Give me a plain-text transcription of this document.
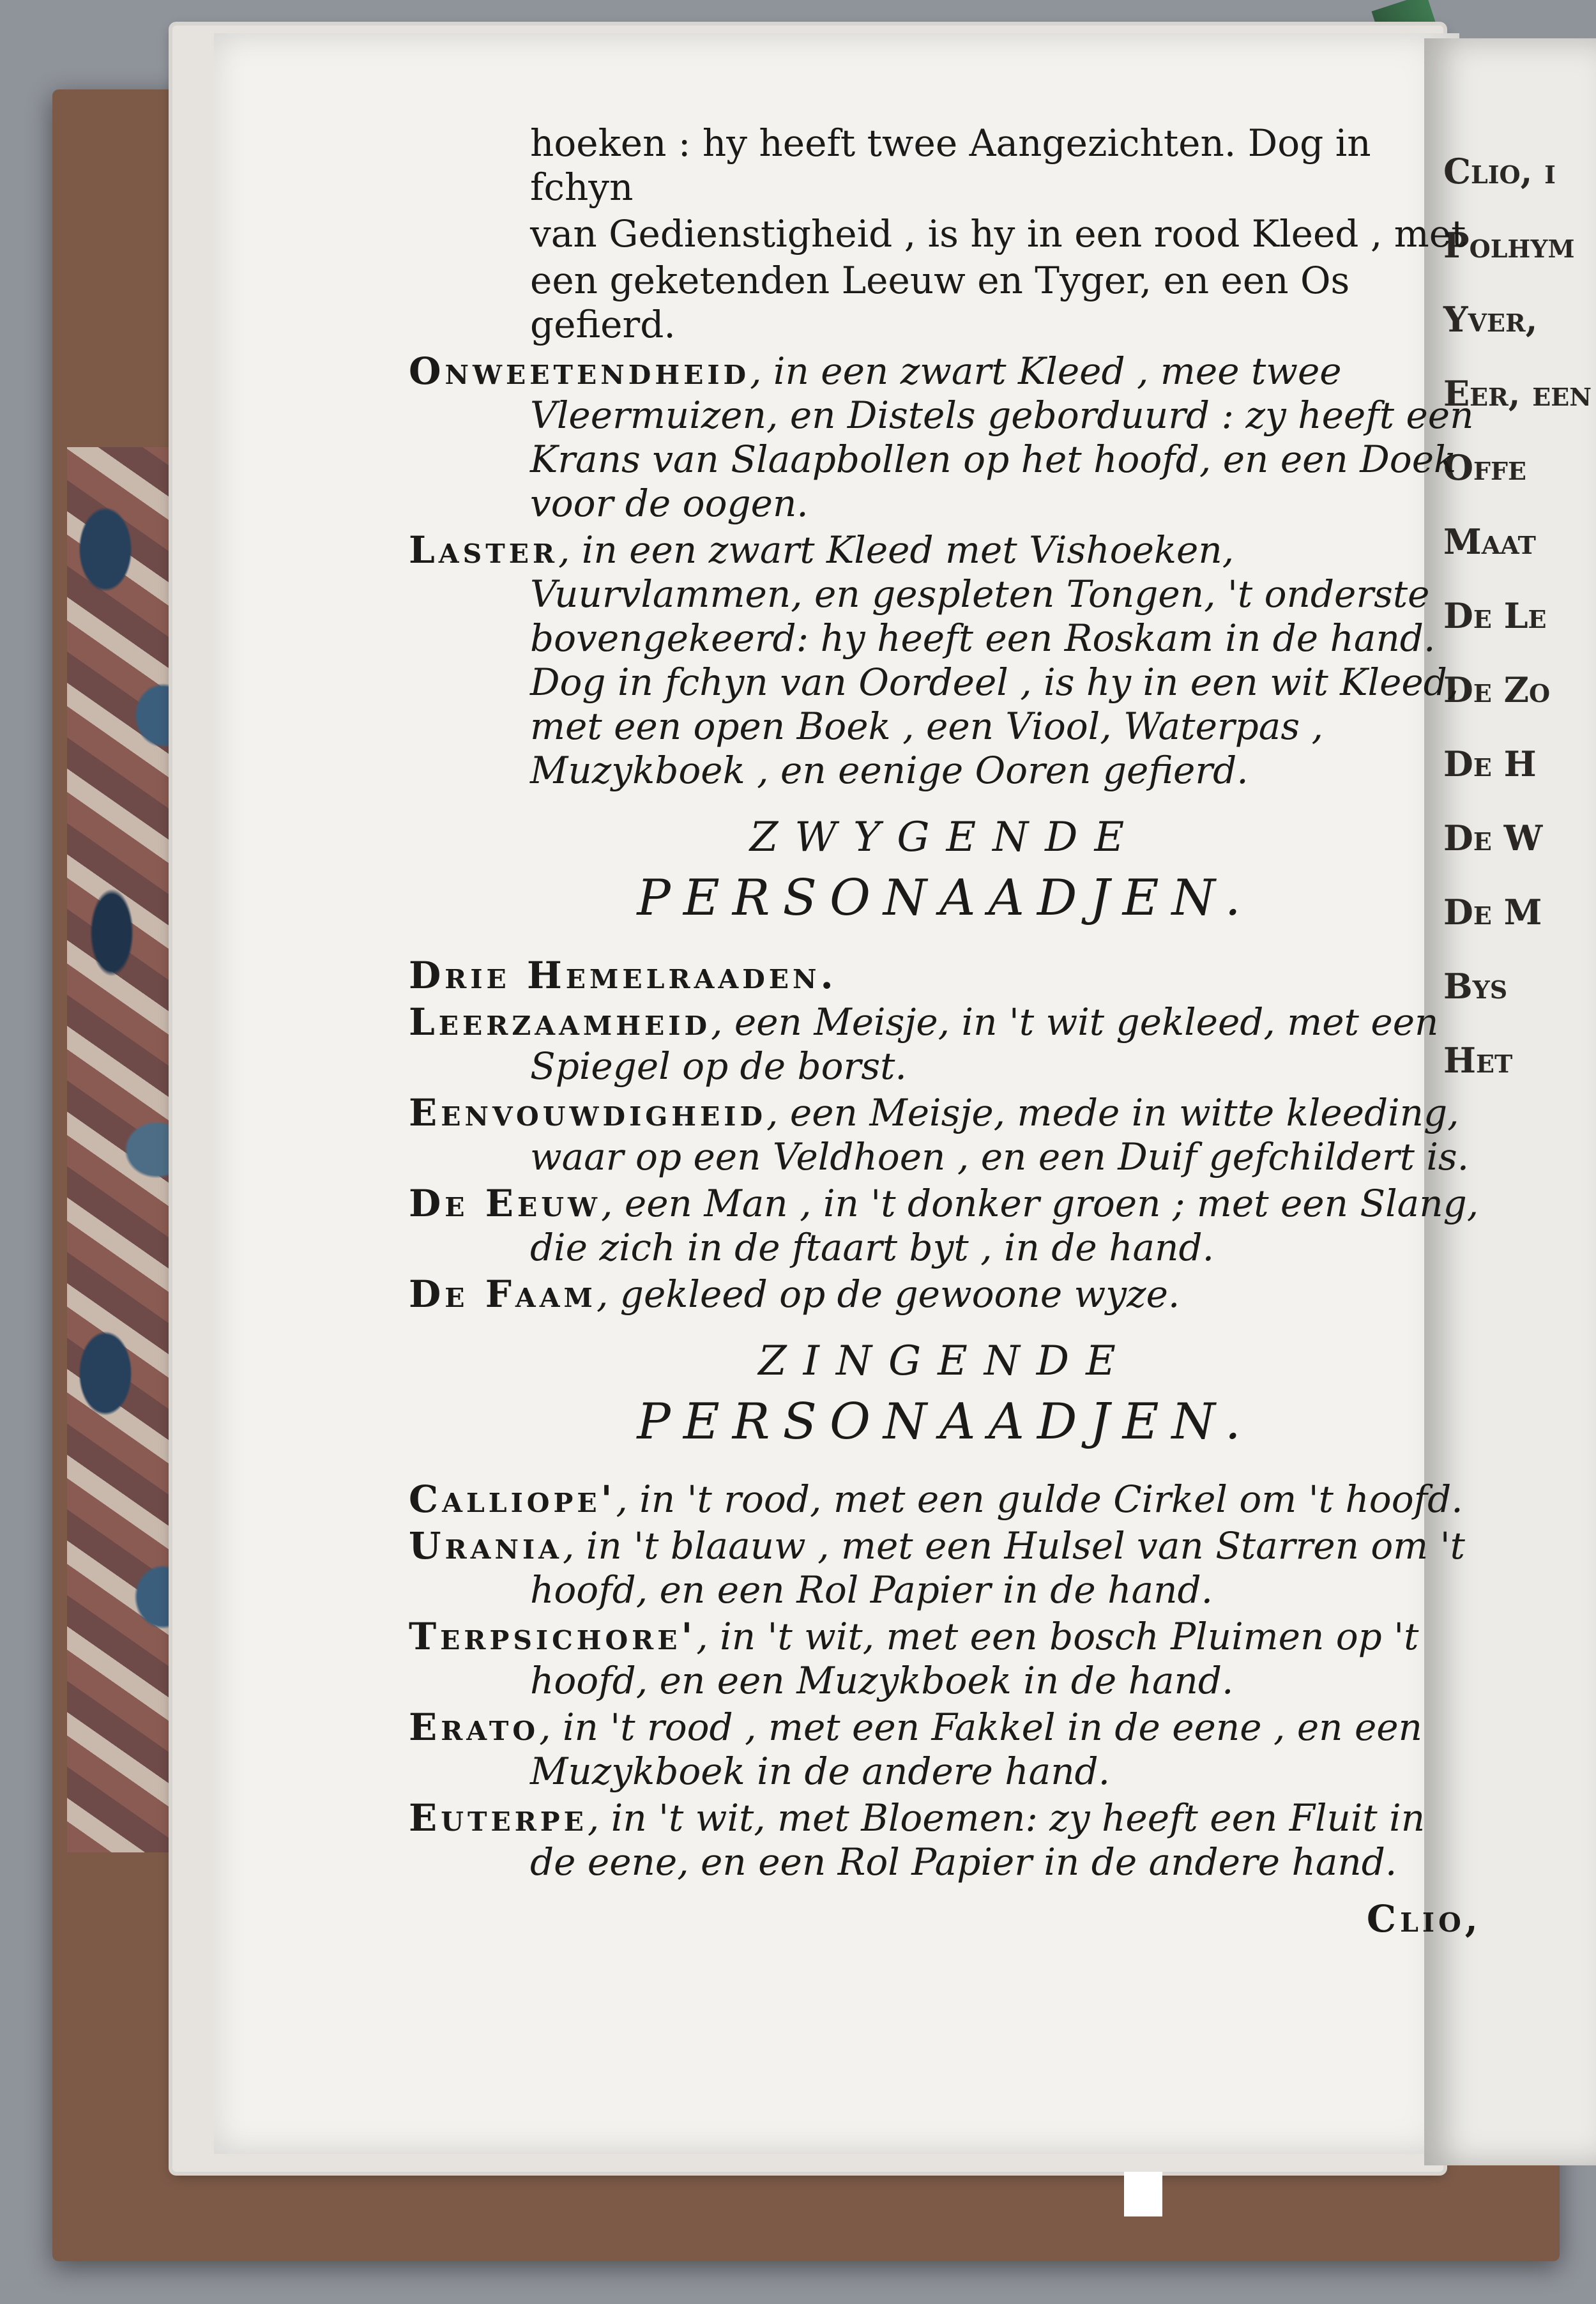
Clio, i
Polhym
Yver,
Eer, een
Offe
Maat
De Le
De Zo
De H
De W
De M
Bys
Het
hoeken : hy heeft twee Aangezichten. Dog in fchyn
van Gedienstigheid , is hy in een rood Kleed , met
een geketenden Leeuw en Tyger, en een Os gefierd.
Onweetendheid, in een zwart Kleed , mee twee Vleermuizen, en Distels geborduurd : zy heeft een Krans van Slaapbollen op het hoofd, en een Doek voor de oogen.
Laster, in een zwart Kleed met Vishoeken, Vuurvlammen, en gespleten Tongen, 't onderste bovengekeerd: hy heeft een Roskam in de hand. Dog in fchyn van Oordeel , is hy in een wit Kleed, met een open Boek , een Viool, Waterpas , Muzykboek , en eenige Ooren gefierd.
ZWYGENDE
PERSONAADJEN.
Drie Hemelraaden.
Leerzaamheid, een Meisje, in 't wit gekleed, met een Spiegel op de borst.
Eenvouwdigheid, een Meisje, mede in witte kleeding, waar op een Veldhoen , en een Duif gefchildert is.
De Eeuw, een Man , in 't donker groen ; met een Slang, die zich in de ftaart byt , in de hand.
De Faam, gekleed op de gewoone wyze.
ZINGENDE
PERSONAADJEN.
Calliope', in 't rood, met een gulde Cirkel om 't hoofd.
Urania, in 't blaauw , met een Hulsel van Starren om 't hoofd, en een Rol Papier in de hand.
Terpsichore', in 't wit, met een bosch Pluimen op 't hoofd, en een Muzykboek in de hand.
Erato, in 't rood , met een Fakkel in de eene , en een Muzykboek in de andere hand.
Euterpe, in 't wit, met Bloemen: zy heeft een Fluit in de eene, en een Rol Papier in de andere hand.
Clio,
